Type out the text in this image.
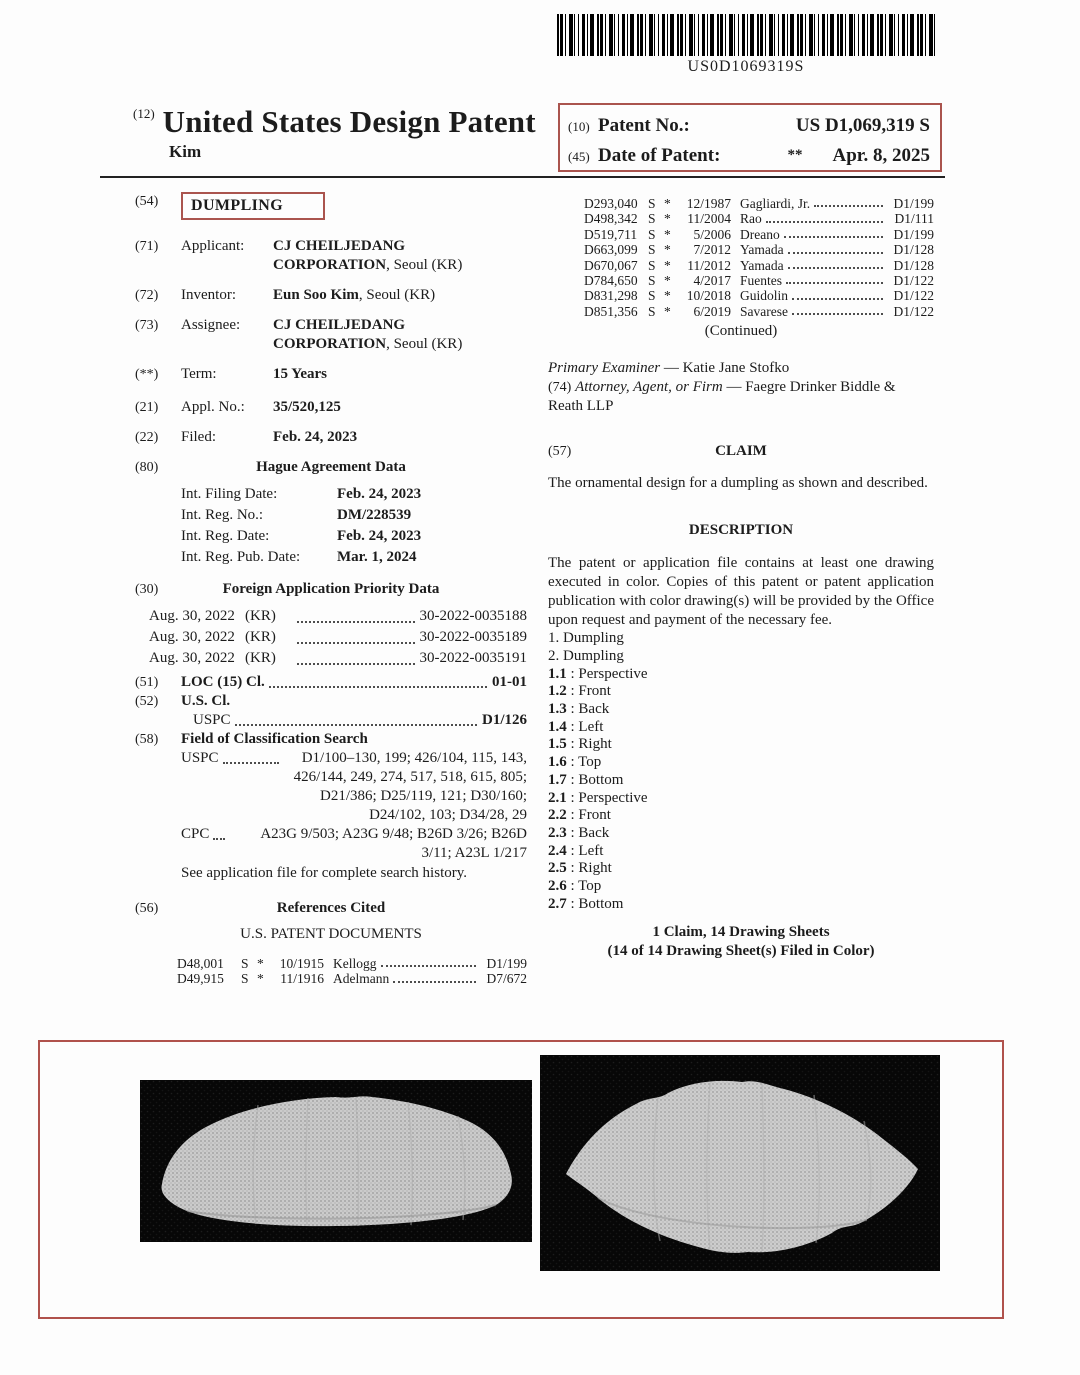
US0D1069319S
$^{(12)}$ United States Design Patent
Kim
(10) Patent No.:	US D1,069,319 S
(45) Date of Patent:	** Apr. 8, 2025
(54)	DUMPLING
(71)	Applicant:	CJ CHEILJEDANG CORPORATION, Seoul (KR)
(72)	Inventor:	Eun Soo Kim, Seoul (KR)
(73)	Assignee:	CJ CHEILJEDANG CORPORATION, Seoul (KR)
(**)	Term:	15 Years
(21)	Appl. No.:	35/520,125
(22)	Filed:	Feb. 24, 2023
(80)	Hague Agreement Data
Int. Filing Date:	Feb. 24, 2023
Int. Reg. No.:	DM/228539
Int. Reg. Date:	Feb. 24, 2023
Int. Reg. Pub. Date:	Mar. 1, 2024
(30)	Foreign Application Priority Data
Aug. 30, 2022 (KR)	30-2022-0035188
Aug. 30, 2022 (KR)	30-2022-0035189
Aug. 30, 2022 (KR)	30-2022-0035191
(51)	LOC (15) Cl.	01-01
(52)	U.S. Cl.
USPC	D1/126
(58)	Field of Classification Search
USPC	D1/100–130, 199; 426/104, 115, 143,
426/144, 249, 274, 517, 518, 615, 805;
D21/386; D25/119, 121; D30/160;
D24/102, 103; D34/28, 29
CPC	A23G 9/503; A23G 9/48; B26D 3/26; B26D
3/11; A23L 1/217
See application file for complete search history.
(56)	References Cited
U.S. PATENT DOCUMENTS
D48,001	S *	10/1915 Kellogg	D1/199
D49,915	S *	11/1916 Adelmann	D7/672
D293,040 S *	12/1987 Gagliardi, Jr.	D1/199
D498,342 S *	11/2004 Rao	D1/111
D519,711 S *	5/2006 Dreano	D1/199
D663,099 S *	7/2012 Yamada	D1/128
D670,067 S *	11/2012 Yamada	D1/128
D784,650 S *	4/2017 Fuentes	D1/122
D831,298 S *	10/2018 Guidolin	D1/122
D851,356 S *	6/2019 Savarese	D1/122
(Continued)
Primary Examiner — Katie Jane Stofko
(74) Attorney, Agent, or Firm — Faegre Drinker Biddle & Reath LLP
(57)	CLAIM
The ornamental design for a dumpling as shown and described.
DESCRIPTION
The patent or application file contains at least one drawing executed in color. Copies of this patent or patent application publication with color drawing(s) will be provided by the Office upon request and payment of the necessary fee.
1. Dumpling
2. Dumpling
1.1 : Perspective
1.2 : Front
1.3 : Back
1.4 : Left
1.5 : Right
1.6 : Top
1.7 : Bottom
2.1 : Perspective
2.2 : Front
2.3 : Back
2.4 : Left
2.5 : Right
2.6 : Top
2.7 : Bottom
1 Claim, 14 Drawing Sheets
(14 of 14 Drawing Sheet(s) Filed in Color)
